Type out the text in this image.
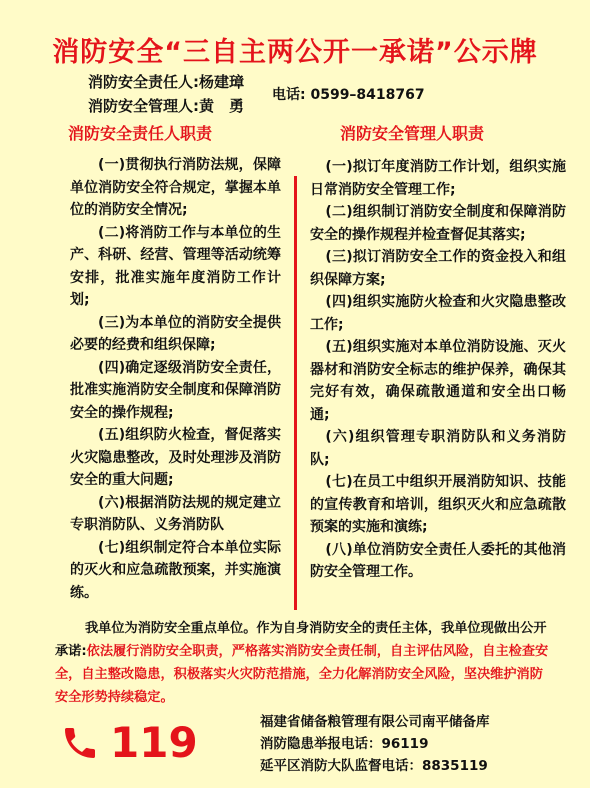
消防安全“三自主两公开一承诺”公示牌
消防安全责任人:杨建璋
消防安全管理人:黄　勇
电话: 0599–8418767
消防安全责任人职责	消防安全管理人职责

(一)贯彻执行消防法规，保障单位消防安全符合规定，掌握本单位的消防安全情况;

(二)将消防工作与本单位的生产、科研、经营、管理等活动统筹安排，批准实施年度消防工作计划;

(三)为本单位的消防安全提供必要的经费和组织保障;

(四)确定逐级消防安全责任，批准实施消防安全制度和保障消防安全的操作规程;

(五)组织防火检查，督促落实火灾隐患整改，及时处理涉及消防安全的重大问题;

(六)根据消防法规的规定建立专职消防队、义务消防队

(七)组织制定符合本单位实际的灭火和应急疏散预案，并实施演练。

(一)拟订年度消防工作计划，组织实施日常消防安全管理工作;

(二)组织制订消防安全制度和保障消防安全的操作规程并检查督促其落实;

(三)拟订消防安全工作的资金投入和组织保障方案;

(四)组织实施防火检查和火灾隐患整改工作;

(五)组织实施对本单位消防设施、灭火器材和消防安全标志的维护保养，确保其完好有效，确保疏散通道和安全出口畅通;

(六)组织管理专职消防队和义务消防队;

(七)在员工中组织开展消防知识、技能的宣传教育和培训，组织灭火和应急疏散预案的实施和演练;

(八)单位消防安全责任人委托的其他消防安全管理工作。

我单位为消防安全重点单位。作为自身消防安全的责任主体，我单位现做出公开承诺:依法履行消防安全职责，严格落实消防安全责任制，自主评估风险，自主检查安全，自主整改隐患，积极落实火灾防范措施，全力化解消防安全风险，坚决维护消防安全形势持续稳定。
119	福建省储备粮管理有限公司南平储备库
消防隐患举报电话：96119
延平区消防大队监督电话：8835119
